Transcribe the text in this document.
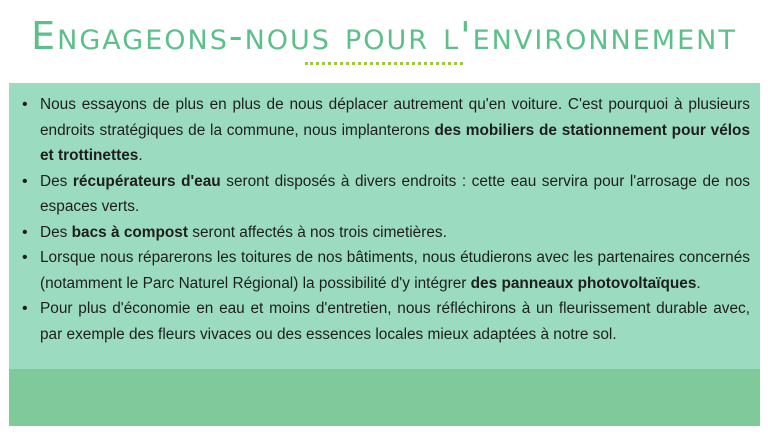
Engageons-nous pour l'environnement
• Nous essayons de plus en plus de nous déplacer autrement qu'en voiture. C'est pourquoi à plusieurs endroits stratégiques de la commune, nous implanterons des mobiliers de stationnement pour vélos et trottinettes.
• Des récupérateurs d'eau seront disposés à divers endroits : cette eau servira pour l'arrosage de nos espaces verts.
• Des bacs à compost seront affectés à nos trois cimetières.
• Lorsque nous réparerons les toitures de nos bâtiments, nous étudierons avec les partenaires concernés (notamment le Parc Naturel Régional) la possibilité d'y intégrer des panneaux photovoltaïques.
• Pour plus d'économie en eau et moins d'entretien, nous réfléchirons à un fleurissement durable avec, par exemple des fleurs vivaces ou des essences locales mieux adaptées à notre sol.
